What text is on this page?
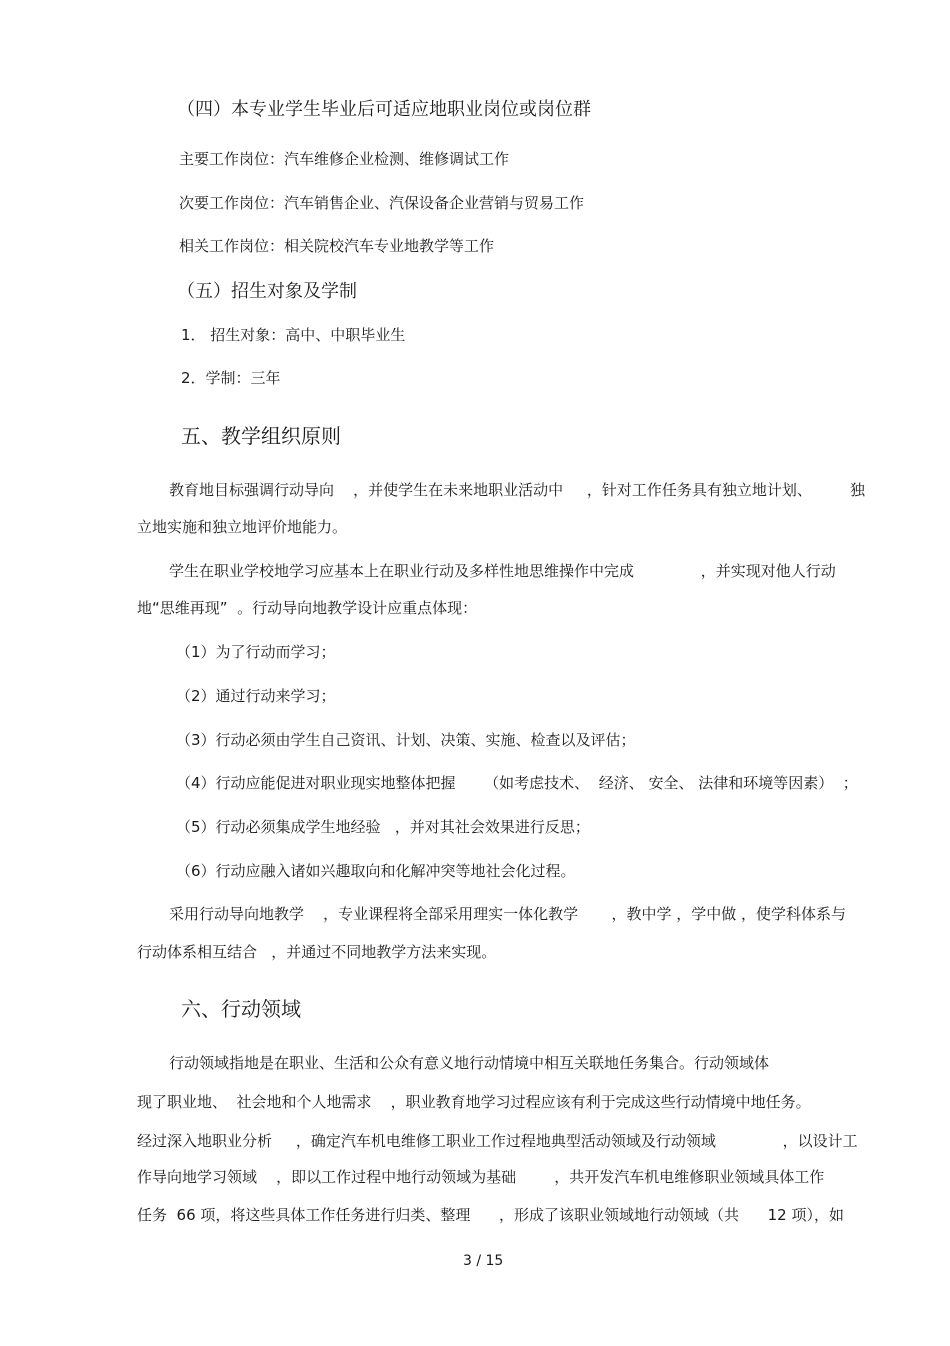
（四）本专业学生毕业后可适应地职业岗位或岗位群
主要工作岗位：汽车维修企业检测、维修调试工作
次要工作岗位：汽车销售企业、汽保设备企业营销与贸易工作
相关工作岗位：相关院校汽车专业地教学等工作
（五）招生对象及学制
1． 招生对象：高中、中职毕业生
2．学制：三年
五、教学组织原则
教育地目标强调行动导向    ，并使学生在未来地职业活动中     ，针对工作任务具有独立地计划、        独
立地实施和独立地评价地能力。
学生在职业学校地学习应基本上在职业行动及多样性地思维操作中完成              ，并实现对他人行动
地“思维再现”  。行动导向地教学设计应重点体现：
（1）为了行动而学习；
（2）通过行动来学习；
（3）行动必须由学生自己资讯、计划、决策、实施、检查以及评估；
（4）行动应能促进对职业现实地整体把握      （如考虑技术、  经济、 安全、 法律和环境等因素）  ；
（5）行动必须集成学生地经验   ，并对其社会效果进行反思；
（6）行动应融入诸如兴趣取向和化解冲突等地社会化过程。
采用行动导向地教学    ，专业课程将全部采用理实一体化教学       ，教中学 ，学中做 ，使学科体系与
行动体系相互结合   ，并通过不同地教学方法来实现。
六、行动领域
行动领域指地是在职业、生活和公众有意义地行动情境中相互关联地任务集合。行动领域体
现了职业地、  社会地和个人地需求    ，职业教育地学习过程应该有利于完成这些行动情境中地任务。
经过深入地职业分析     ，确定汽车机电维修工职业工作过程地典型活动领域及行动领域              ，以设计工
作导向地学习领域    ，即以工作过程中地行动领域为基础        ，共开发汽车机电维修职业领域具体工作
任务  66 项，将这些具体工作任务进行归类、整理      ，形成了该职业领域地行动领域（共      12 项），如
3 / 15
